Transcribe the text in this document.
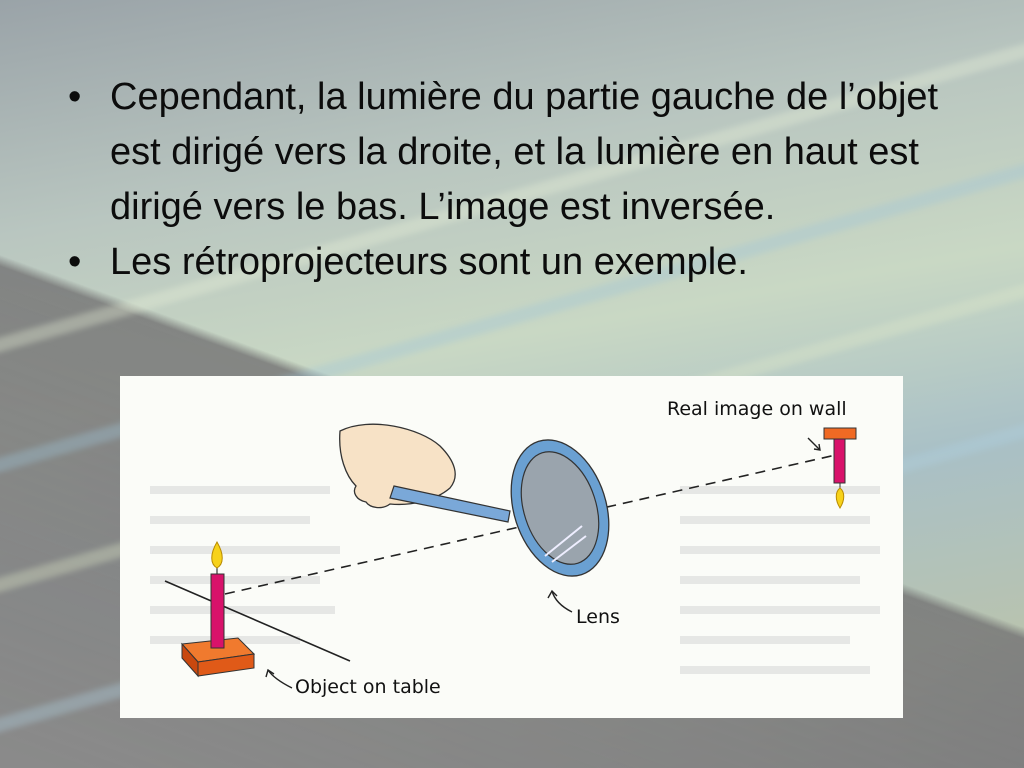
• Cependant, la lumière du partie gauche de l’objet est dirigé vers la droite, et la lumière en haut est dirigé vers le bas. L’image est inversée.
• Les rétroprojecteurs sont un exemple.
Real image on wall
Lens
Object on table
